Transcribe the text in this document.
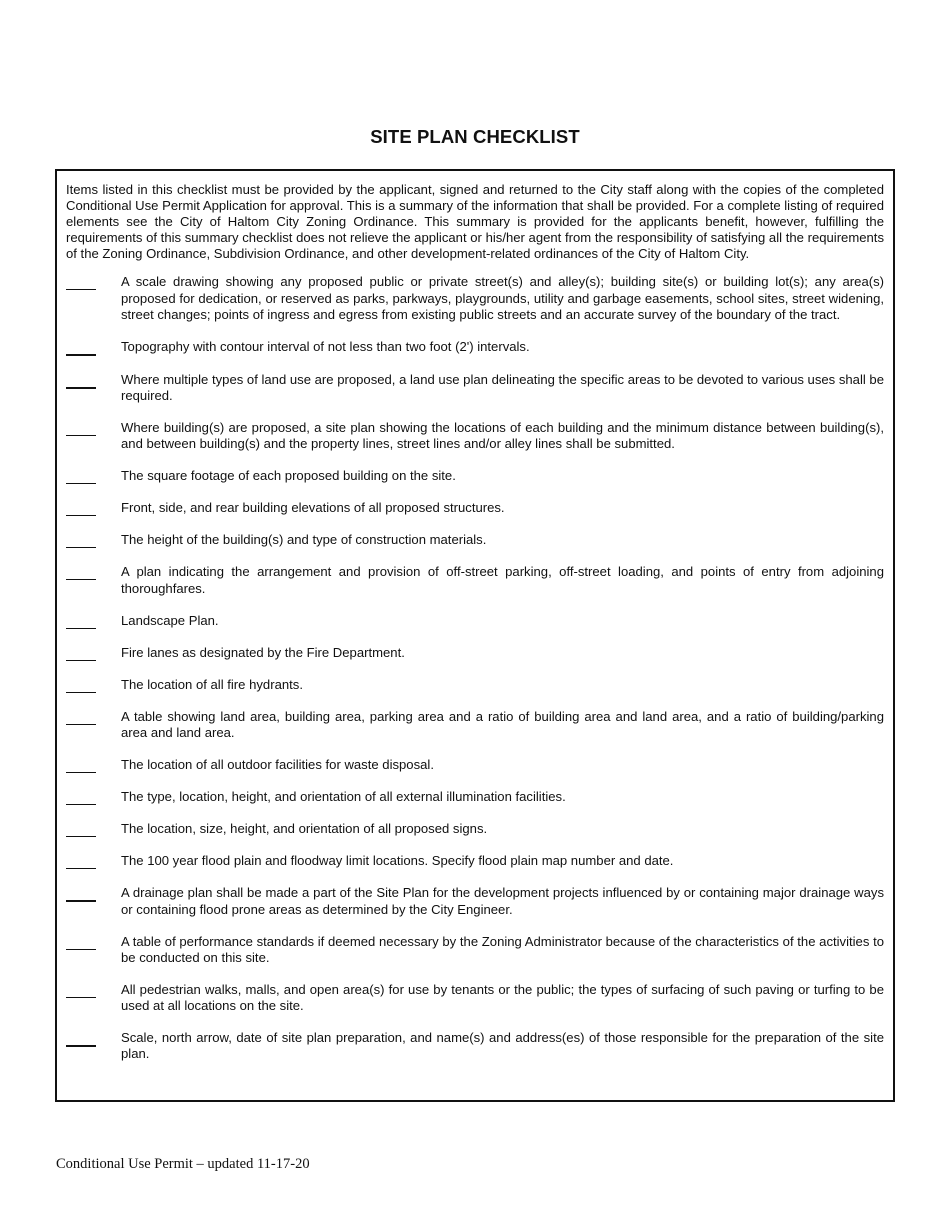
SITE PLAN CHECKLIST
Items listed in this checklist must be provided by the applicant, signed and returned to the City staff along with the copies of the completed Conditional Use Permit Application for approval. This is a summary of the information that shall be provided. For a complete listing of required elements see the City of Haltom City Zoning Ordinance. This summary is provided for the applicants benefit, however, fulfilling the requirements of this summary checklist does not relieve the applicant or his/her agent from the responsibility of satisfying all the requirements of the Zoning Ordinance, Subdivision Ordinance, and other development-related ordinances of the City of Haltom City.
A scale drawing showing any proposed public or private street(s) and alley(s); building site(s) or building lot(s); any area(s) proposed for dedication, or reserved as parks, parkways, playgrounds, utility and garbage easements, school sites, street widening, street changes; points of ingress and egress from existing public streets and an accurate survey of the boundary of the tract.
Topography with contour interval of not less than two foot (2') intervals.
Where multiple types of land use are proposed, a land use plan delineating the specific areas to be devoted to various uses shall be required.
Where building(s) are proposed, a site plan showing the locations of each building and the minimum distance between building(s), and between building(s) and the property lines, street lines and/or alley lines shall be submitted.
The square footage of each proposed building on the site.
Front, side, and rear building elevations of all proposed structures.
The height of the building(s) and type of construction materials.
A plan indicating the arrangement and provision of off-street parking, off-street loading, and points of entry from adjoining thoroughfares.
Landscape Plan.
Fire lanes as designated by the Fire Department.
The location of all fire hydrants.
A table showing land area, building area, parking area and a ratio of building area and land area, and a ratio of building/parking area and land area.
The location of all outdoor facilities for waste disposal.
The type, location, height, and orientation of all external illumination facilities.
The location, size, height, and orientation of all proposed signs.
The 100 year flood plain and floodway limit locations. Specify flood plain map number and date.
A drainage plan shall be made a part of the Site Plan for the development projects influenced by or containing major drainage ways or containing flood prone areas as determined by the City Engineer.
A table of performance standards if deemed necessary by the Zoning Administrator because of the characteristics of the activities to be conducted on this site.
All pedestrian walks, malls, and open area(s) for use by tenants or the public; the types of surfacing of such paving or turfing to be used at all locations on the site.
Scale, north arrow, date of site plan preparation, and name(s) and address(es) of those responsible for the preparation of the site plan.
Conditional Use Permit – updated 11-17-20
